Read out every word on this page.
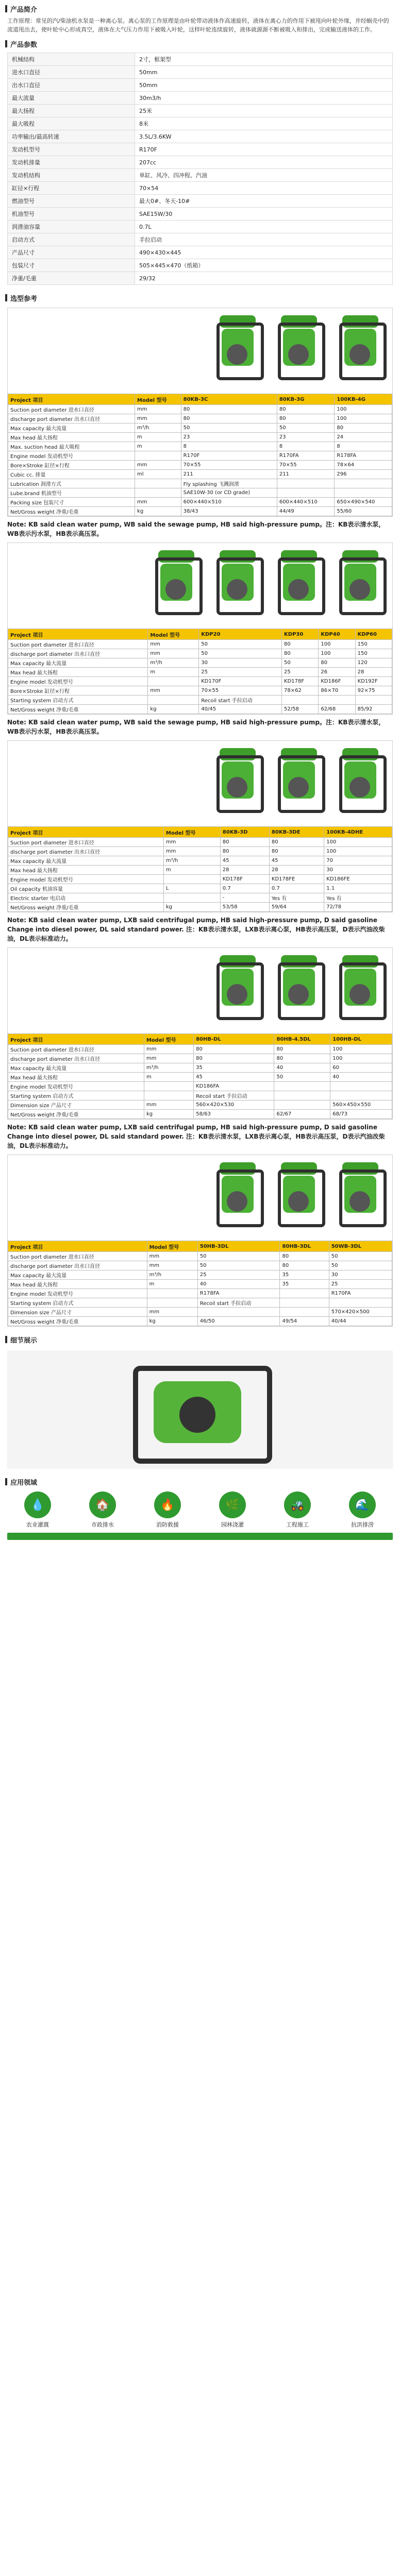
产品简介
工作原理：常见的汽/柴油机水泵是一种离心泵。离心泵的工作原理是由叶轮带动液体作高速旋转，液体在离心力的作用下被甩向叶轮外缘，并经蜗壳中的流道甩出去，使叶轮中心形成真空，液体在大气压力作用下被吸入叶轮，这样叶轮连续旋转，液体就源源不断被吸入和排出，完成输送液体的工作。
产品参数
机械结构	2寸，框架型
进水口直径	50mm
出水口直径	50mm
最大流量	30m3/h
最大扬程	25米
最大吸程	8米
功率输出/最高转速	3.5L/3.6KW
发动机型号	R170F
发动机排量	207cc
发动机结构	单缸、风冷、四冲程、汽油
缸径×行程	70×54
燃油型号	最大0#、冬天-10#
机油型号	SAE15W/30
润滑油容量	0.7L
启动方式	手拉启动
产品尺寸	490×430×445
包装尺寸	505×445×470（纸箱）
净重/毛重	29/32
选型参考
Project 项目	Model 型号	80KB-3C	80KB-3G	100KB-4G
Suction port diameter 进水口直径	mm	80	80	100
discharge port diameter 出水口直径	mm	80	80	100
Max capacity 最大流量	m³/h	50	50	80
Max head 最大扬程	m	23	23	24
Max. suction head 最大吸程	m	8	8	8
Engine model 发动机型号		R170F	R170FA	R178FA
Bore×Stroke 缸径×行程	mm	70×55	70×55	78×64
Cubic cc. 排量	ml	211	211	296
Lubrication 润滑方式		Fly splashing 飞溅润滑		
Lube.brand 机油型号		SAE10W-30 (or CD grade)		
Packing size 包装尺寸	mm	600×440×510	600×440×510	650×490×540
Net/Gross weight 净重/毛重	kg	38/43	44/49	55/60
Note: KB said clean water pump, WB said the sewage pump, HB said high-pressure pump。注：KB表示清水泵，WB表示污水泵，HB表示高压泵。
Project 项目	Model 型号	KDP20	KDP30	KDP40	KDP60
Suction port diameter 进水口直径	mm	50	80	100	150
discharge port diameter 出水口直径	mm	50	80	100	150
Max capacity 最大流量	m³/h	30	50	80	120
Max head 最大扬程	m	25	25	26	28
Engine model 发动机型号		KD170F	KD178F	KD186F	KD192F
Bore×Stroke 缸径×行程	mm	70×55	78×62	86×70	92×75
Starting system 启动方式		Recoil start 手拉启动			
Net/Gross weight 净重/毛重	kg	40/45	52/58	62/68	85/92
Note: KB said clean water pump, WB said the sewage pump, HB said high-pressure pump。注：KB表示清水泵，WB表示污水泵，HB表示高压泵。
Project 项目	Model 型号	80KB-3D	80KB-3DE	100KB-4DHE
Suction port diameter 进水口直径	mm	80	80	100
discharge port diameter 出水口直径	mm	80	80	100
Max capacity 最大流量	m³/h	45	45	70
Max head 最大扬程	m	28	28	30
Engine model 发动机型号		KD178F	KD178FE	KD186FE
Oil capacity 机油容量	L	0.7	0.7	1.1
Electric starter 电启动		-	Yes 有	Yes 有
Net/Gross weight 净重/毛重	kg	53/58	59/64	72/78
Note: KB said clean water pump, LXB said centrifugal pump, HB said high-pressure pump, D said gasoline Change into diesel power, DL said standard power. 注：KB表示清水泵，LXB表示离心泵，HB表示高压泵，D表示汽油改柴油，DL表示标准动力。
Project 项目	Model 型号	80HB-DL	80HB-4.5DL	100HB-DL
Suction port diameter 进水口直径	mm	80	80	100
discharge port diameter 出水口直径	mm	80	80	100
Max capacity 最大流量	m³/h	35	40	60
Max head 最大扬程	m	45	50	40
Engine model 发动机型号		KD186FA		
Starting system 启动方式		Recoil start 手拉启动		
Dimension size 产品尺寸	mm	560×420×530		560×450×550
Net/Gross weight 净重/毛重	kg	58/63	62/67	68/73
Note: KB said clean water pump, LXB said centrifugal pump, HB said high-pressure pump, D said gasoline Change into diesel power, DL said standard power. 注：KB表示清水泵，LXB表示离心泵，HB表示高压泵，D表示汽油改柴油，DL表示标准动力。
Project 项目	Model 型号	50HB-3DL	80HB-3DL	50WB-3DL
Suction port diameter 进水口直径	mm	50	80	50
discharge port diameter 出水口直径	mm	50	80	50
Max capacity 最大流量	m³/h	25	35	30
Max head 最大扬程	m	40	35	25
Engine model 发动机型号		R178FA		R170FA
Starting system 启动方式		Recoil start 手拉启动		
Dimension size 产品尺寸	mm			570×420×500
Net/Gross weight 净重/毛重	kg	46/50	49/54	40/44
细节展示
应用领域
💧
农业灌溉
🏠
市政排水
🔥
消防救援
🌿
园林浇灌
🚜
工程施工
🌊
抗洪排涝
